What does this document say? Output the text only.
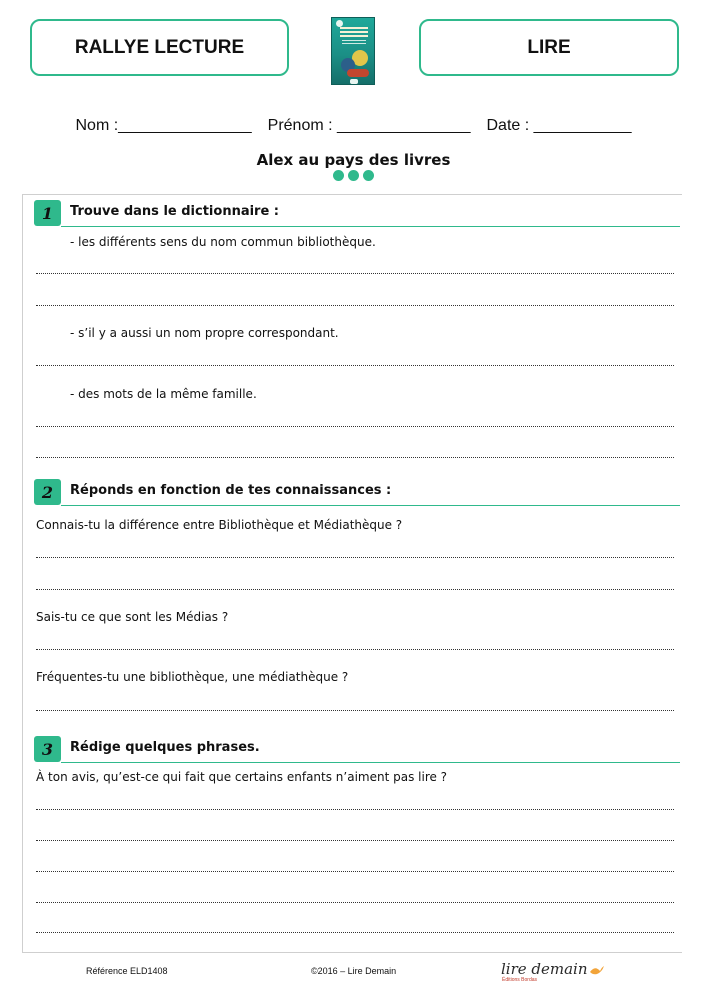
RALLYE LECTURE	LIRE
Nom :_______________ Prénom : _______________ Date : ___________
Alex au pays des livres
1	Trouve dans le dictionnaire :
- les différents sens du nom commun bibliothèque.
- s’il y a aussi un nom propre correspondant.
- des mots de la même famille.
2	Réponds en fonction de tes connaissances :
Connais-tu la différence entre Bibliothèque et Médiathèque ?
Sais-tu ce que sont les Médias ?
Fréquentes-tu une bibliothèque, une médiathèque ?
3	Rédige quelques phrases.
À ton avis, qu’est-ce qui fait que certains enfants n’aiment pas lire ?
Référence ELD1408	©2016 – Lire Demain	lire demain
Éditions Bordas
